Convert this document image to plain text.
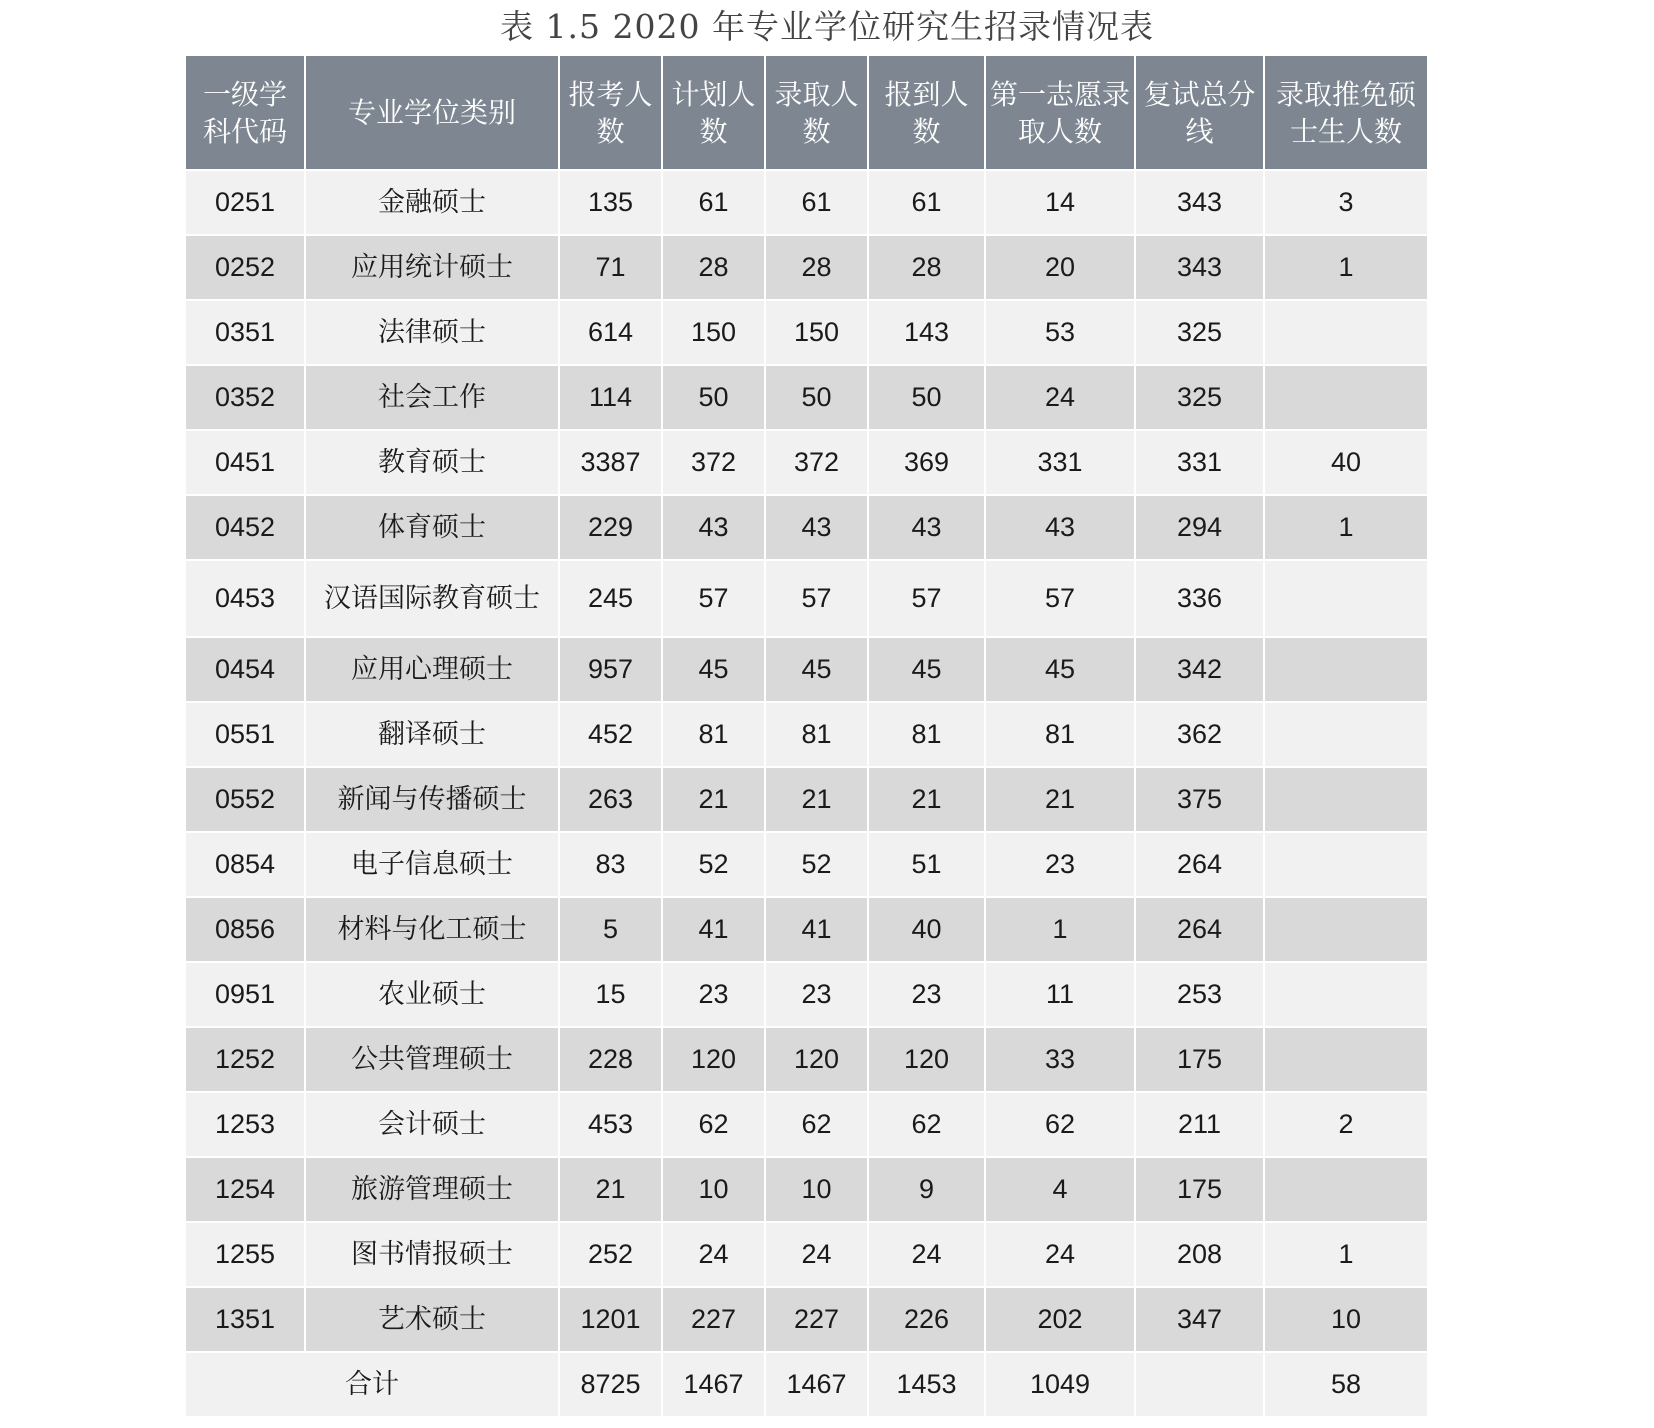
表 1.5 2020 年专业学位研究生招录情况表
一级学科代码	专业学位类别	报考人数	计划人数	录取人数	报到人数	第一志愿录取人数	复试总分线	录取推免硕士生人数
0251	金融硕士	135	61	61	61	14	343	3
0252	应用统计硕士	71	28	28	28	20	343	1
0351	法律硕士	614	150	150	143	53	325	
0352	社会工作	114	50	50	50	24	325	
0451	教育硕士	3387	372	372	369	331	331	40
0452	体育硕士	229	43	43	43	43	294	1
0453	汉语国际教育硕士	245	57	57	57	57	336	
0454	应用心理硕士	957	45	45	45	45	342	
0551	翻译硕士	452	81	81	81	81	362	
0552	新闻与传播硕士	263	21	21	21	21	375	
0854	电子信息硕士	83	52	52	51	23	264	
0856	材料与化工硕士	5	41	41	40	1	264	
0951	农业硕士	15	23	23	23	11	253	
1252	公共管理硕士	228	120	120	120	33	175	
1253	会计硕士	453	62	62	62	62	211	2
1254	旅游管理硕士	21	10	10	9	4	175	
1255	图书情报硕士	252	24	24	24	24	208	1
1351	艺术硕士	1201	227	227	226	202	347	10
合计		8725	1467	1467	1453	1049		58
